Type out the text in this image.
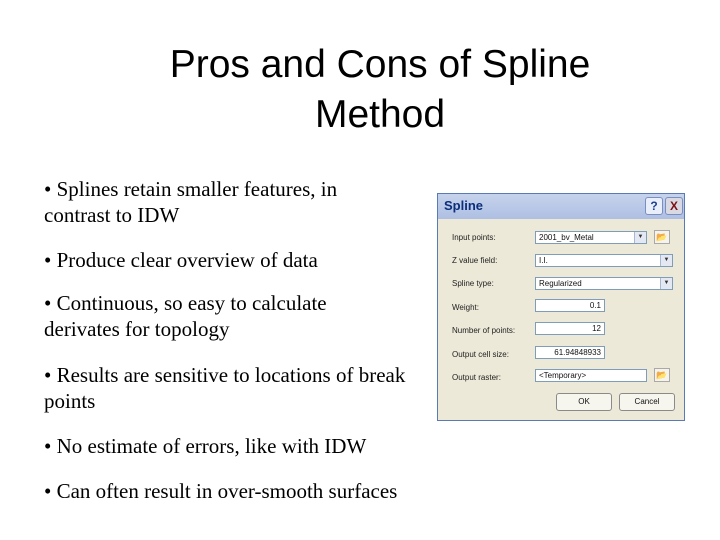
Pros and Cons of Spline
Method
• Splines retain smaller features, in
contrast to IDW
• Produce clear overview of data
• Continuous, so easy to calculate
derivates for topology
• Results are sensitive to locations of break
points
• No estimate of errors, like with IDW
• Can often result in over-smooth surfaces
Spline	?	X
Input points:	2001_bv_Metal	▼ 📂
Z value field:	I.I.	▼
Spline type:	Regularized	▼
Weight:	0.1
Number of points:	12
Output cell size:	61.94848933
Output raster:	<Temporary>	📂
OK	Cancel
